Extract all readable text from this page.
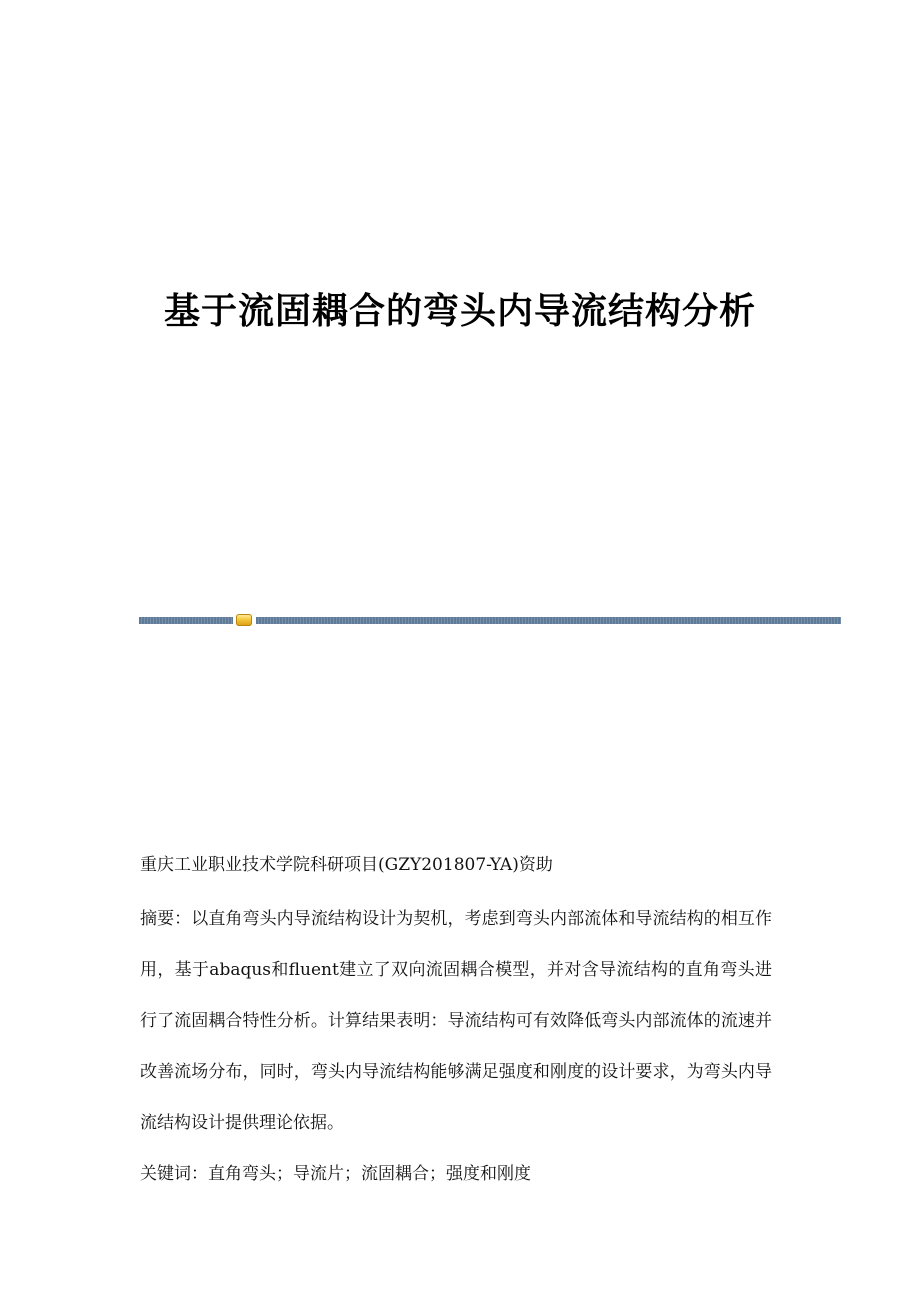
基于流固耦合的弯头内导流结构分析

重庆工业职业技术学院科研项目(GZY201807-YA)资助

摘要：以直角弯头内导流结构设计为契机，考虑到弯头内部流体和导流结构的相互作用，基于abaqus和fluent建立了双向流固耦合模型，并对含导流结构的直角弯头进行了流固耦合特性分析。计算结果表明：导流结构可有效降低弯头内部流体的流速并改善流场分布，同时，弯头内导流结构能够满足强度和刚度的设计要求，为弯头内导流结构设计提供理论依据。

关键词：直角弯头；导流片；流固耦合；强度和刚度
